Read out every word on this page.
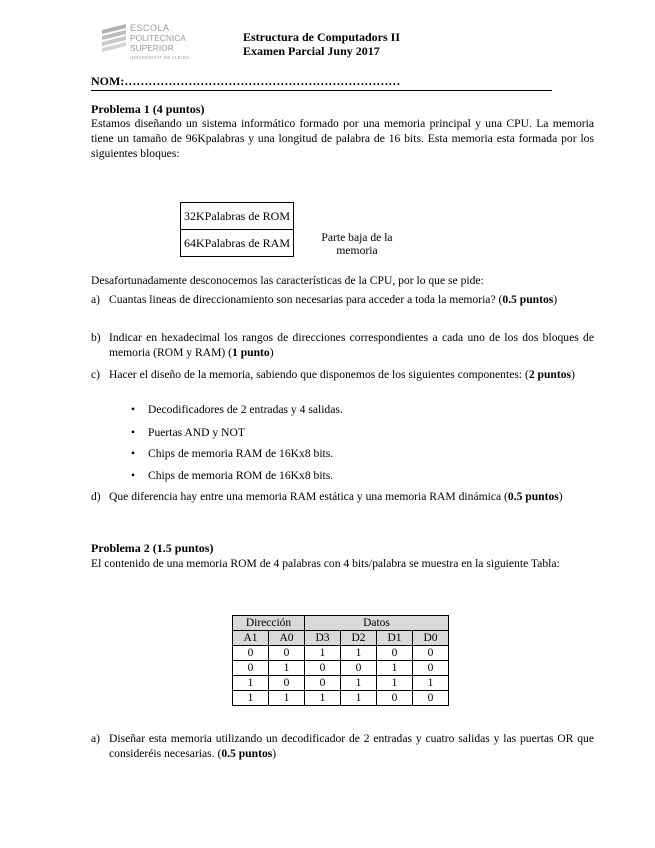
ESCOLA
POLITÈCNICA SUPERIOR
UNIVERSITAT DE LLEIDA
Estructura de Computadors II
Examen Parcial Juny 2017
NOM:……………………………………………………………
Problema 1 (4 puntos)
Estamos diseñando un sistema informático formado por una memoria principal y una CPU. La memoria tiene un tamaño de 96Kpalabras y una longitud de palabra de 16 bits. Esta memoria esta formada por los siguientes bloques:
32KPalabras de ROM
64KPalabras de RAM	Parte baja de la memoria
Desafortunadamente desconocemos las características de la CPU, por lo que se pide:
a) Cuantas lineas de direccionamiento son necesarias para acceder a toda la memoria? (0.5 puntos)
b) Indicar en hexadecimal los rangos de direcciones correspondientes a cada uno de los dos bloques de memoria (ROM y RAM) (1 punto)
c) Hacer el diseño de la memoria, sabiendo que disponemos de los siguientes componentes: (2 puntos)
d) Que diferencia hay entre una memoria RAM estática y una memoria RAM dinámica (0.5 puntos)
• Decodificadores de 2 entradas y 4 salidas.
• Puertas AND y NOT
• Chips de memoria RAM de 16Kx8 bits.
• Chips de memoria ROM de 16Kx8 bits.
Problema 2 (1.5 puntos)
El contenido de una memoria ROM de 4 palabras con 4 bits/palabra se muestra en la siguiente Tabla:
Dirección		Datos			
A1	A0	D3	D2	D1	D0
0	0	1	1	0	0
0	1	0	0	1	0
1	0	0	1	1	1
1	1	1	1	0	0
a) Diseñar esta memoria utilizando un decodificador de 2 entradas y cuatro salidas y las puertas OR que consideréis necesarias. (0.5 puntos)
